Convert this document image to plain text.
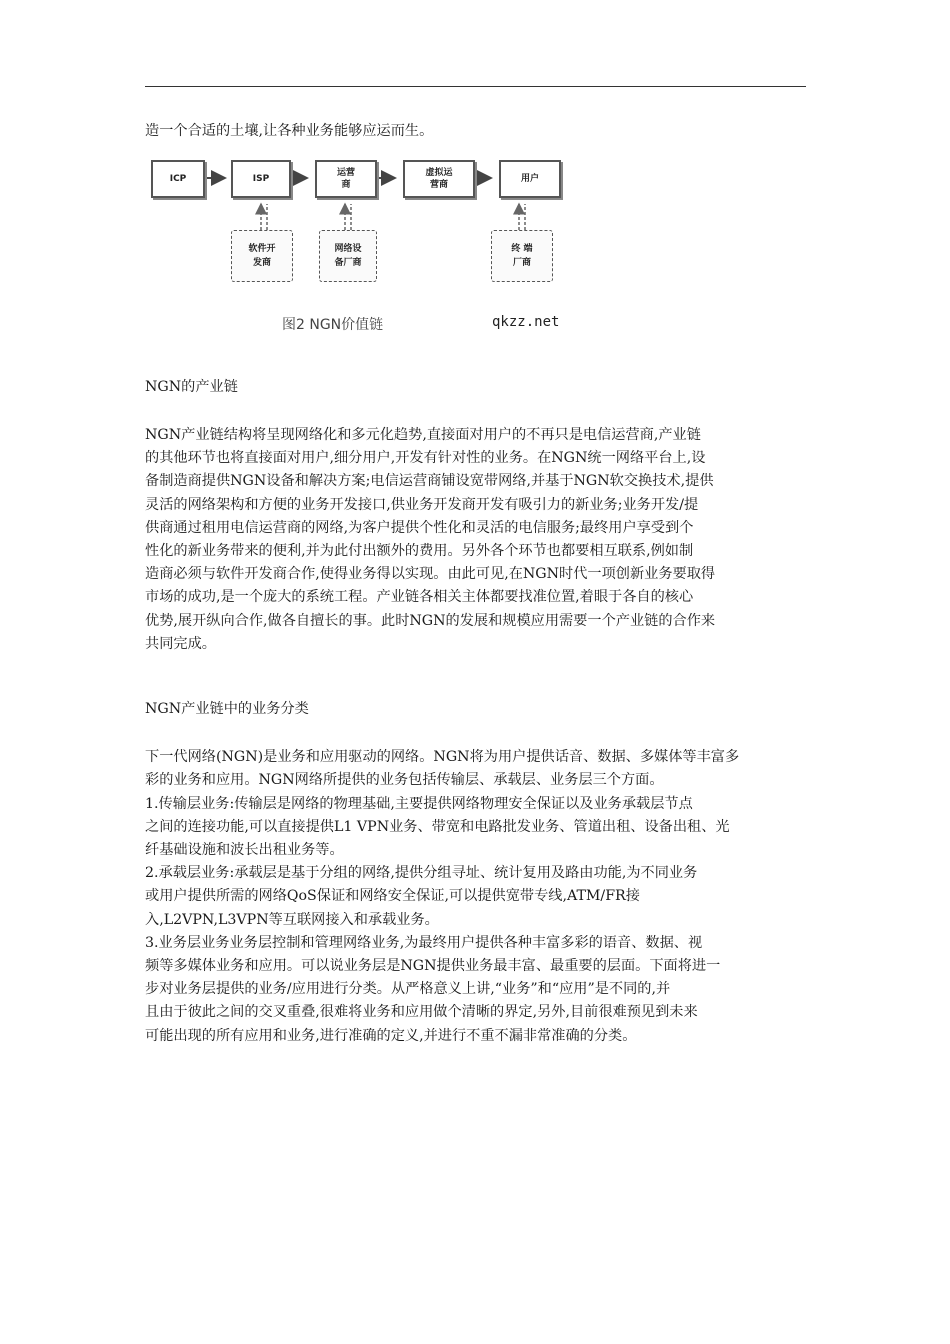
造一个合适的土壤,让各种业务能够应运而生。

ICP	ISP
运营
商
虚拟运
营商
用户
软件开
发商
网络设
备厂商
终 端
厂商
图2 NGN价值链	qkzz.net

NGN的产业链

NGN产业链结构将呈现网络化和多元化趋势,直接面对用户的不再只是电信运营商,产业链

的其他环节也将直接面对用户,细分用户,开发有针对性的业务。在NGN统一网络平台上,设

备制造商提供NGN设备和解决方案;电信运营商铺设宽带网络,并基于NGN软交换技术,提供

灵活的网络架构和方便的业务开发接口,供业务开发商开发有吸引力的新业务;业务开发/提

供商通过租用电信运营商的网络,为客户提供个性化和灵活的电信服务;最终用户享受到个

性化的新业务带来的便利,并为此付出额外的费用。另外各个环节也都要相互联系,例如制

造商必须与软件开发商合作,使得业务得以实现。由此可见,在NGN时代一项创新业务要取得

市场的成功,是一个庞大的系统工程。产业链各相关主体都要找准位置,着眼于各自的核心

优势,展开纵向合作,做各自擅长的事。此时NGN的发展和规模应用需要一个产业链的合作来

共同完成。

NGN产业链中的业务分类

下一代网络(NGN)是业务和应用驱动的网络。NGN将为用户提供话音、数据、多媒体等丰富多

彩的业务和应用。NGN网络所提供的业务包括传输层、承载层、业务层三个方面。

1.传输层业务:传输层是网络的物理基础,主要提供网络物理安全保证以及业务承载层节点

之间的连接功能,可以直接提供L1 VPN业务、带宽和电路批发业务、管道出租、设备出租、光

纤基础设施和波长出租业务等。

2.承载层业务:承载层是基于分组的网络,提供分组寻址、统计复用及路由功能,为不同业务

或用户提供所需的网络QoS保证和网络安全保证,可以提供宽带专线,ATM/FR接

入,L2VPN,L3VPN等互联网接入和承载业务。

3.业务层业务业务层控制和管理网络业务,为最终用户提供各种丰富多彩的语音、数据、视

频等多媒体业务和应用。可以说业务层是NGN提供业务最丰富、最重要的层面。下面将进一

步对业务层提供的业务/应用进行分类。从严格意义上讲,“业务”和“应用”是不同的,并

且由于彼此之间的交叉重叠,很难将业务和应用做个清晰的界定,另外,目前很难预见到未来

可能出现的所有应用和业务,进行准确的定义,并进行不重不漏非常准确的分类。
